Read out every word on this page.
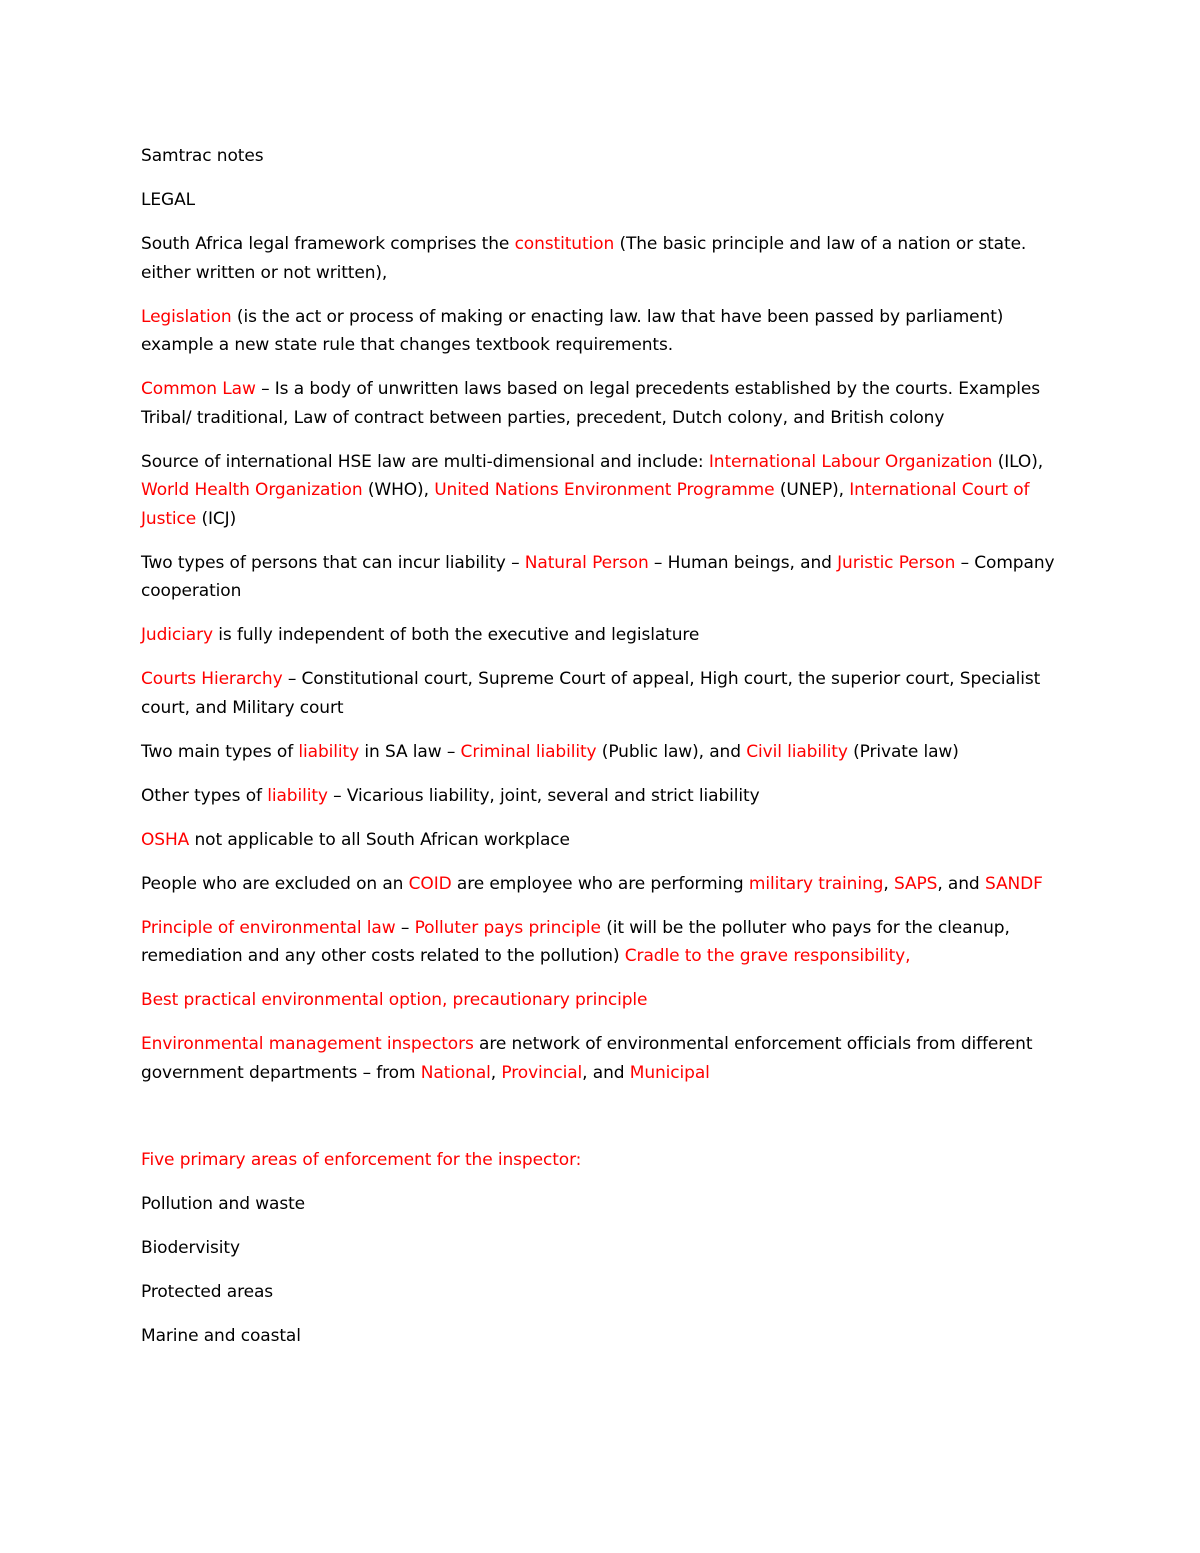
Samtrac notes

LEGAL

South Africa legal framework comprises the constitution (The basic principle and law of a nation or state. either written or not written),

Legislation (is the act or process of making or enacting law. law that have been passed by parliament) example a new state rule that changes textbook requirements.

Common Law – Is a body of unwritten laws based on legal precedents established by the courts. Examples Tribal/ traditional, Law of contract between parties, precedent, Dutch colony, and British colony

Source of international HSE law are multi-dimensional and include: International Labour Organization (ILO), World Health Organization (WHO), United Nations Environment Programme (UNEP), International Court of Justice (ICJ)

Two types of persons that can incur liability – Natural Person – Human beings, and Juristic Person – Company cooperation

Judiciary is fully independent of both the executive and legislature

Courts Hierarchy – Constitutional court, Supreme Court of appeal, High court, the superior court, Specialist court, and Military court

Two main types of liability in SA law – Criminal liability (Public law), and Civil liability (Private law)

Other types of liability – Vicarious liability, joint, several and strict liability

OSHA not applicable to all South African workplace

People who are excluded on an COID are employee who are performing military training, SAPS, and SANDF

Principle of environmental law – Polluter pays principle (it will be the polluter who pays for the cleanup, remediation and any other costs related to the pollution) Cradle to the grave responsibility,

Best practical environmental option, precautionary principle

Environmental management inspectors are network of environmental enforcement officials from different government departments – from National, Provincial, and Municipal

Five primary areas of enforcement for the inspector:

Pollution and waste

Biodervisity

Protected areas

Marine and coastal
